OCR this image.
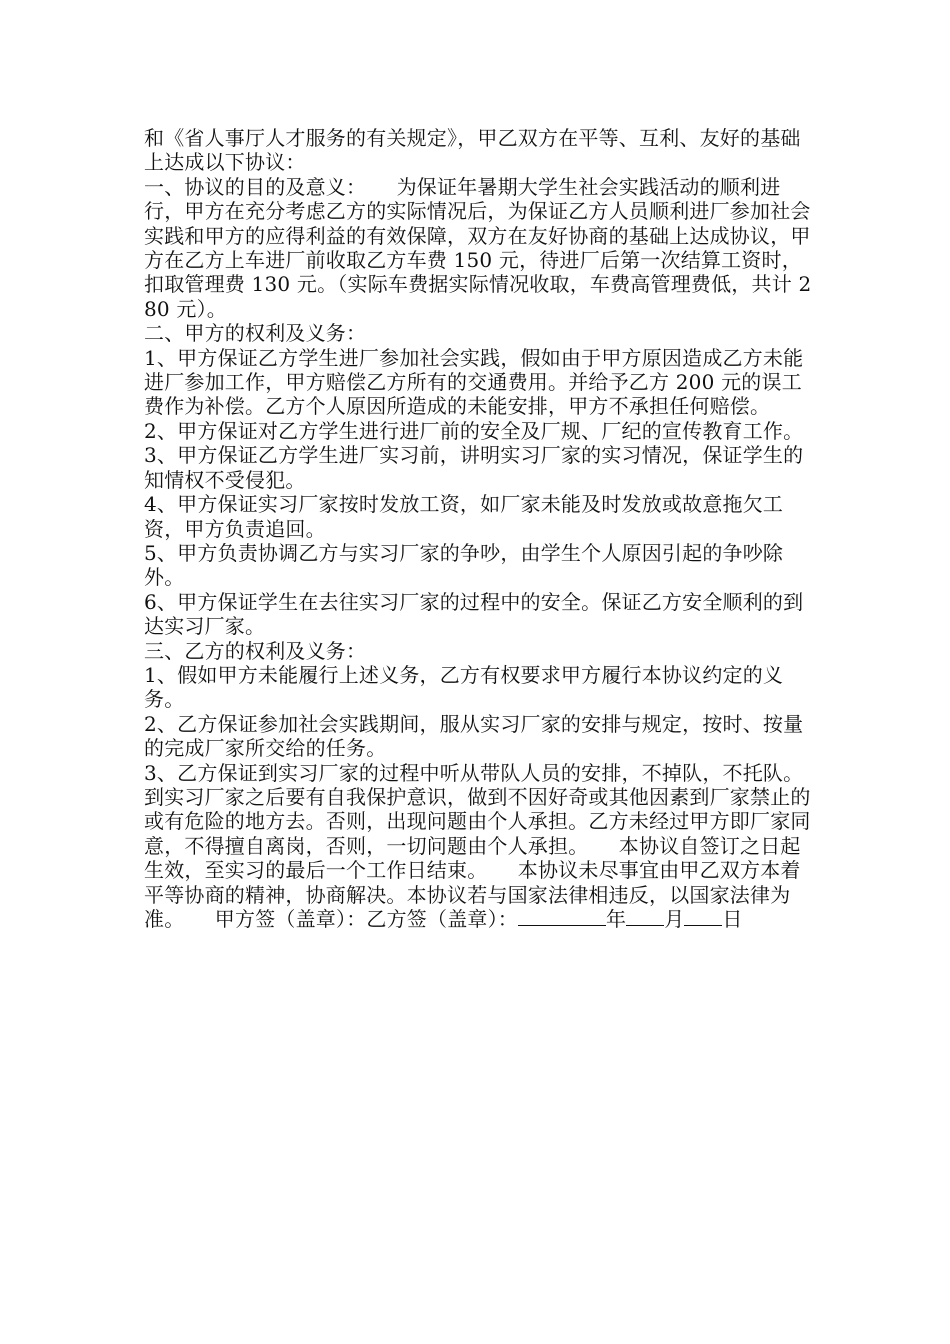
和《省人事厅人才服务的有关规定》，甲乙双方在平等、互利、友好的基础上达成以下协议：

一、协议的目的及意义：　　为保证年暑期大学生社会实践活动的顺利进行，甲方在充分考虑乙方的实际情况后，为保证乙方人员顺利进厂参加社会实践和甲方的应得利益的有效保障，双方在友好协商的基础上达成协议，甲方在乙方上车进厂前收取乙方车费 150 元，待进厂后第一次结算工资时，扣取管理费 130 元。（实际车费据实际情况收取，车费高管理费低，共计 280 元）。

二、甲方的权利及义务：

1、甲方保证乙方学生进厂参加社会实践，假如由于甲方原因造成乙方未能进厂参加工作，甲方赔偿乙方所有的交通费用。并给予乙方 200 元的误工费作为补偿。乙方个人原因所造成的未能安排，甲方不承担任何赔偿。

2、甲方保证对乙方学生进行进厂前的安全及厂规、厂纪的宣传教育工作。

3、甲方保证乙方学生进厂实习前，讲明实习厂家的实习情况，保证学生的知情权不受侵犯。

4、甲方保证实习厂家按时发放工资，如厂家未能及时发放或故意拖欠工资，甲方负责追回。

5、甲方负责协调乙方与实习厂家的争吵，由学生个人原因引起的争吵除外。

6、甲方保证学生在去往实习厂家的过程中的安全。保证乙方安全顺利的到达实习厂家。

三、乙方的权利及义务：

1、假如甲方未能履行上述义务，乙方有权要求甲方履行本协议约定的义务。

2、乙方保证参加社会实践期间，服从实习厂家的安排与规定，按时、按量的完成厂家所交给的任务。

3、乙方保证到实习厂家的过程中听从带队人员的安排，不掉队，不托队。到实习厂家之后要有自我保护意识，做到不因好奇或其他因素到厂家禁止的或有危险的地方去。否则，出现问题由个人承担。乙方未经过甲方即厂家同意，不得擅自离岗，否则，一切问题由个人承担。　　本协议自签订之日起生效，至实习的最后一个工作日结束。　　本协议未尽事宜由甲乙双方本着平等协商的精神，协商解决。本协议若与国家法律相违反，以国家法律为准。　　甲方签（盖章）：乙方签（盖章）：	年 月 日
